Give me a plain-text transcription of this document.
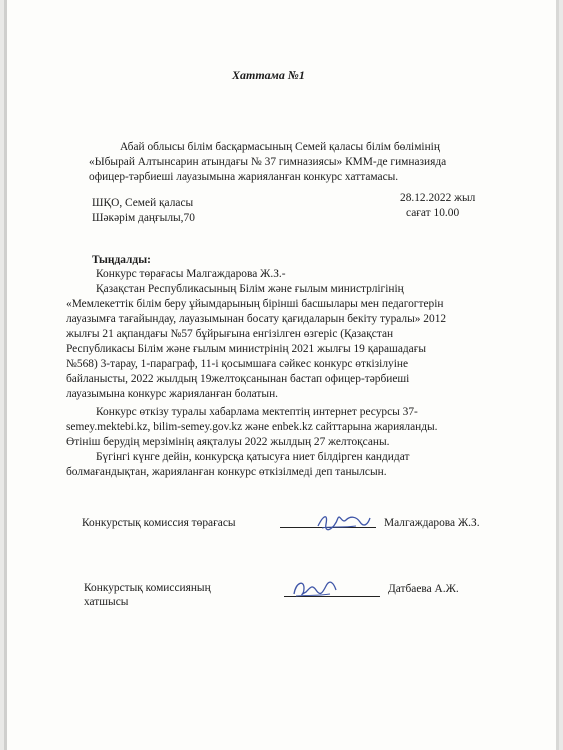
Хаттама №1
Абай облысы білім басқармасының Семей қаласы білім бөлімінің
«Ыбырай Алтынсарин атындағы № 37 гимназиясы» КММ-де гимназияда
офицер-тәрбиеші лауазымына жарияланған конкурс хаттамасы.
ШҚО, Семей қаласы
Шәкәрім даңғылы,70
28.12.2022 жыл
сағат 10.00
Тыңдалды:
Конкурс төрағасы Малгаждарова Ж.З.-
Қазақстан Республикасының Білім және ғылым министрлігінің
«Мемлекеттік білім беру ұйымдарының бірінші басшылары мен педагогтерін
лауазымға тағайындау, лауазымынан босату қағидаларын бекіту туралы» 2012
жылғы 21 ақпандағы №57 бұйрығына енгізілген өзгеріс (Қазақстан
Республикасы Білім және ғылым министрінің 2021 жылғы 19 қарашадағы
№568) 3-тарау, 1-параграф, 11-і қосымшаға сәйкес конкурс өткізілуіне
байланысты, 2022 жылдың 19желтоқсанынан бастап офицер-тәрбиеші
лауазымына конкурс жарияланған болатын.
Конкурс өткізу туралы хабарлама мектептің интернет ресурсы 37-
semey.mektebi.kz, bilim-semey.gov.kz және enbek.kz сайттарына жарияланды.
Өтініш берудің мерзімінің аяқталуы 2022 жылдың 27 желтоқсаны.
Бүгінгі күнге дейін, конкурсқа қатысуға ниет білдірген кандидат
болмағандықтан, жарияланған конкурс өткізілмеді деп танылсын.
Конкурстық комиссия төрағасы	Малгаждарова Ж.З.
Конкурстық комиссияның
хатшысы
Датбаева А.Ж.
